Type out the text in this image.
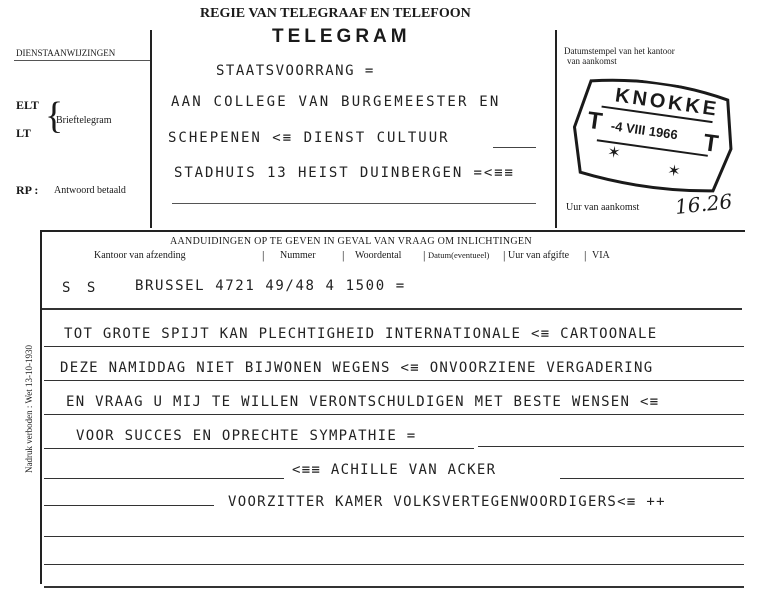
REGIE VAN TELEGRAAF EN TELEFOON
TELEGRAM
DIENSTAANWIJZINGEN
ELT
LT {
Brieftelegram
RP : Antwoord betaald
Datumstempel van het kantoor
van aankomst
Uur van aankomst 16.26
KNOKKE
T -4 VIII 1966 T
✶
✶
STAATSVOORRANG =
AAN COLLEGE VAN BURGEMEESTER EN
SCHEPENEN <≡ DIENST CULTUUR
STADHUIS 13 HEIST DUINBERGEN =<≡≡
AANDUIDINGEN OP TE GEVEN IN GEVAL VAN VRAAG OM INLICHTINGEN
Kantoor van afzending	| Nummer | Woordental | Datum(eventueel) | Uur van afgifte | VIA
S S	BRUSSEL 4721 49/48 4 1500 =
Nadruk verboden : Wet 13-10-1930
TOT GROTE SPIJT KAN PLECHTIGHEID INTERNATIONALE <≡ CARTOONALE
DEZE NAMIDDAG NIET BIJWONEN WEGENS <≡ ONVOORZIENE VERGADERING
EN VRAAG U MIJ TE WILLEN VERONTSCHULDIGEN MET BESTE WENSEN <≡
VOOR SUCCES EN OPRECHTE SYMPATHIE =
<≡≡ ACHILLE VAN ACKER
VOORZITTER KAMER VOLKSVERTEGENWOORDIGERS<≡ ++
